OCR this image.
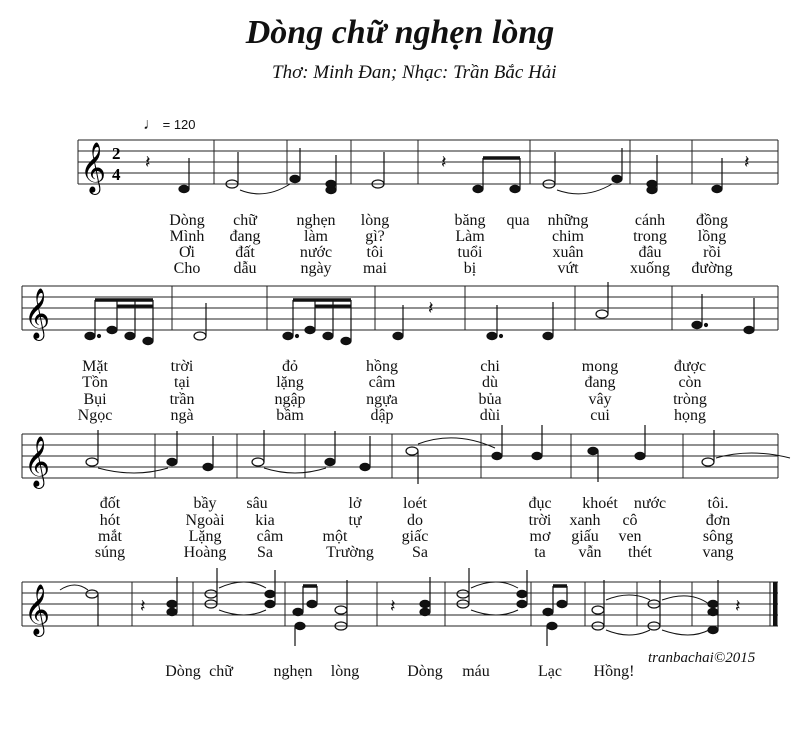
Dòng chữ nghẹn lòng
Thơ: Minh Đan; Nhạc: Trần Bắc Hải
♩ = 120
𝄞 2
4
𝄽	𝄽	𝄽
Dòng chữ nghẹn lòng	băng qua những	cánh đồng
Mình đang	làm gì?	Làm	chim	trong lồng
Ơi	đất	nước tôi	tuổi	xuân	đâu	rồi
Cho dẫu	ngày mai	bị	vứt	xuống đường
𝄞	𝄽
Mặt	trời	đỏ	hồng	chi	mong	được
Tồn	tại	lặng	câm	dù	đang	còn
Bụi	trần	ngập	ngựa	bủa	vây	tròng
Ngọc	ngà	bầm	dập	dùi	cui	họng
𝄞
đốt	bầy sâu	lở	loét	đục khoét nước	tôi.
hót	Ngoài kia	tự	do	trời xanh cô	đơn
mắt	Lặng câm một	giấc	mơ giấu ven	sông
súng	Hoàng Sa	Trường Sa	ta vẫn thét	vang
𝄞	𝄽	𝄽	𝄽
Dòng chữ	nghẹn lòng	Dòng máu	Lạc Hồng!
tranbachai©2015
